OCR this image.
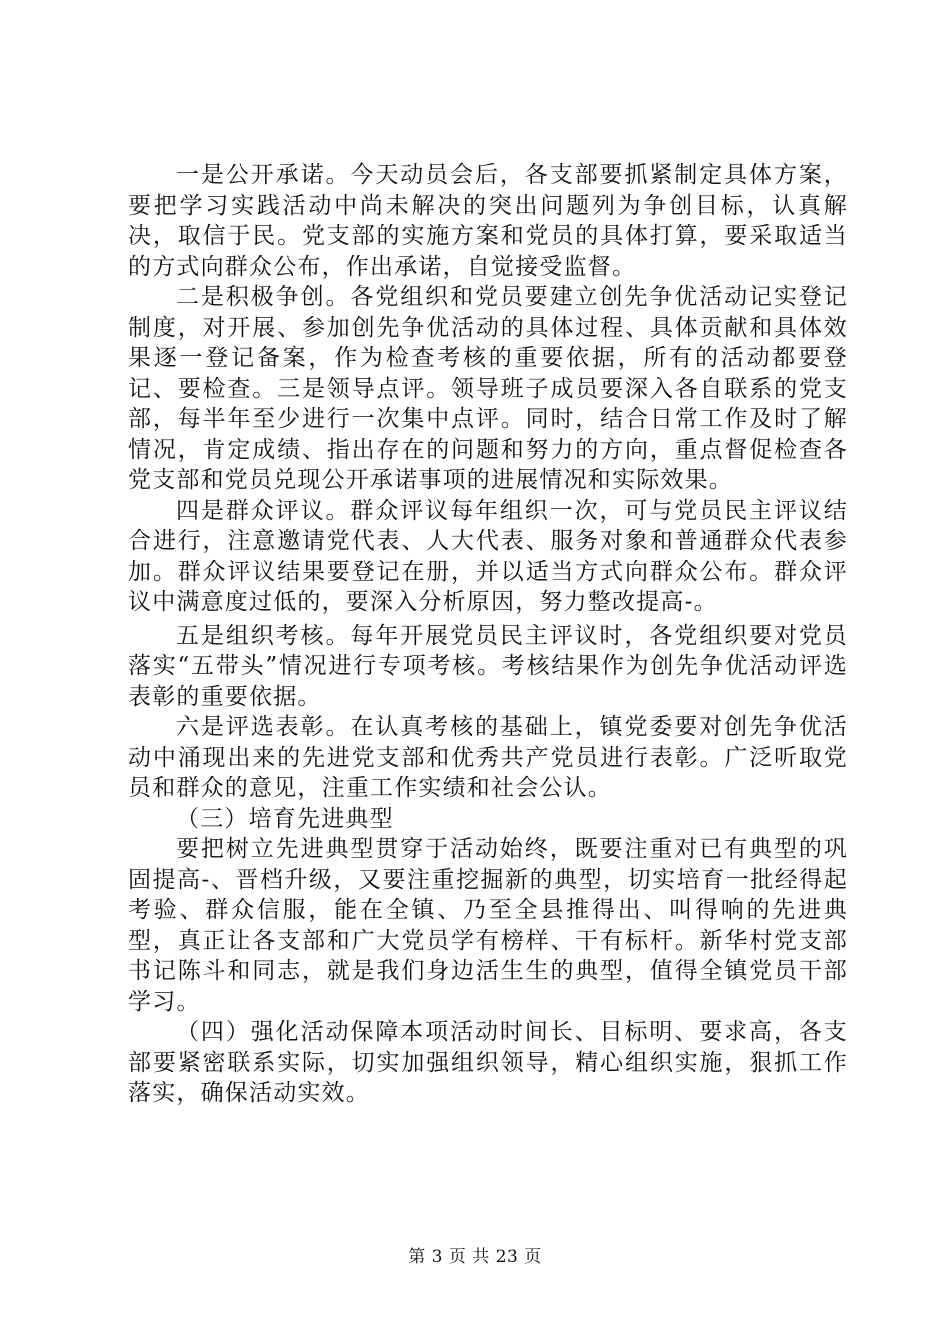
一是公开承诺。今天动员会后，各支部要抓紧制定具体方案，要把学习实践活动中尚未解决的突出问题列为争创目标，认真解决，取信于民。党支部的实施方案和党员的具体打算，要采取适当的方式向群众公布，作出承诺，自觉接受监督。

二是积极争创。各党组织和党员要建立创先争优活动记实登记制度，对开展、参加创先争优活动的具体过程、具体贡献和具体效果逐一登记备案，作为检查考核的重要依据，所有的活动都要登记、要检查。三是领导点评。领导班子成员要深入各自联系的党支部，每半年至少进行一次集中点评。同时，结合日常工作及时了解情况，肯定成绩、指出存在的问题和努力的方向，重点督促检查各党支部和党员兑现公开承诺事项的进展情况和实际效果。

四是群众评议。群众评议每年组织一次，可与党员民主评议结合进行，注意邀请党代表、人大代表、服务对象和普通群众代表参加。群众评议结果要登记在册，并以适当方式向群众公布。群众评议中满意度过低的，要深入分析原因，努力整改提高-。

五是组织考核。每年开展党员民主评议时，各党组织要对党员落实“五带头”情况进行专项考核。考核结果作为创先争优活动评选表彰的重要依据。

六是评选表彰。在认真考核的基础上，镇党委要对创先争优活动中涌现出来的先进党支部和优秀共产党员进行表彰。广泛听取党员和群众的意见，注重工作实绩和社会公认。

（三）培育先进典型

要把树立先进典型贯穿于活动始终，既要注重对已有典型的巩固提高-、晋档升级，又要注重挖掘新的典型，切实培育一批经得起考验、群众信服，能在全镇、乃至全县推得出、叫得响的先进典型，真正让各支部和广大党员学有榜样、干有标杆。新华村党支部书记陈斗和同志，就是我们身边活生生的典型，值得全镇党员干部学习。

（四）强化活动保障本项活动时间长、目标明、要求高，各支部要紧密联系实际，切实加强组织领导，精心组织实施，狠抓工作落实，确保活动实效。

第 3 页 共 23 页
